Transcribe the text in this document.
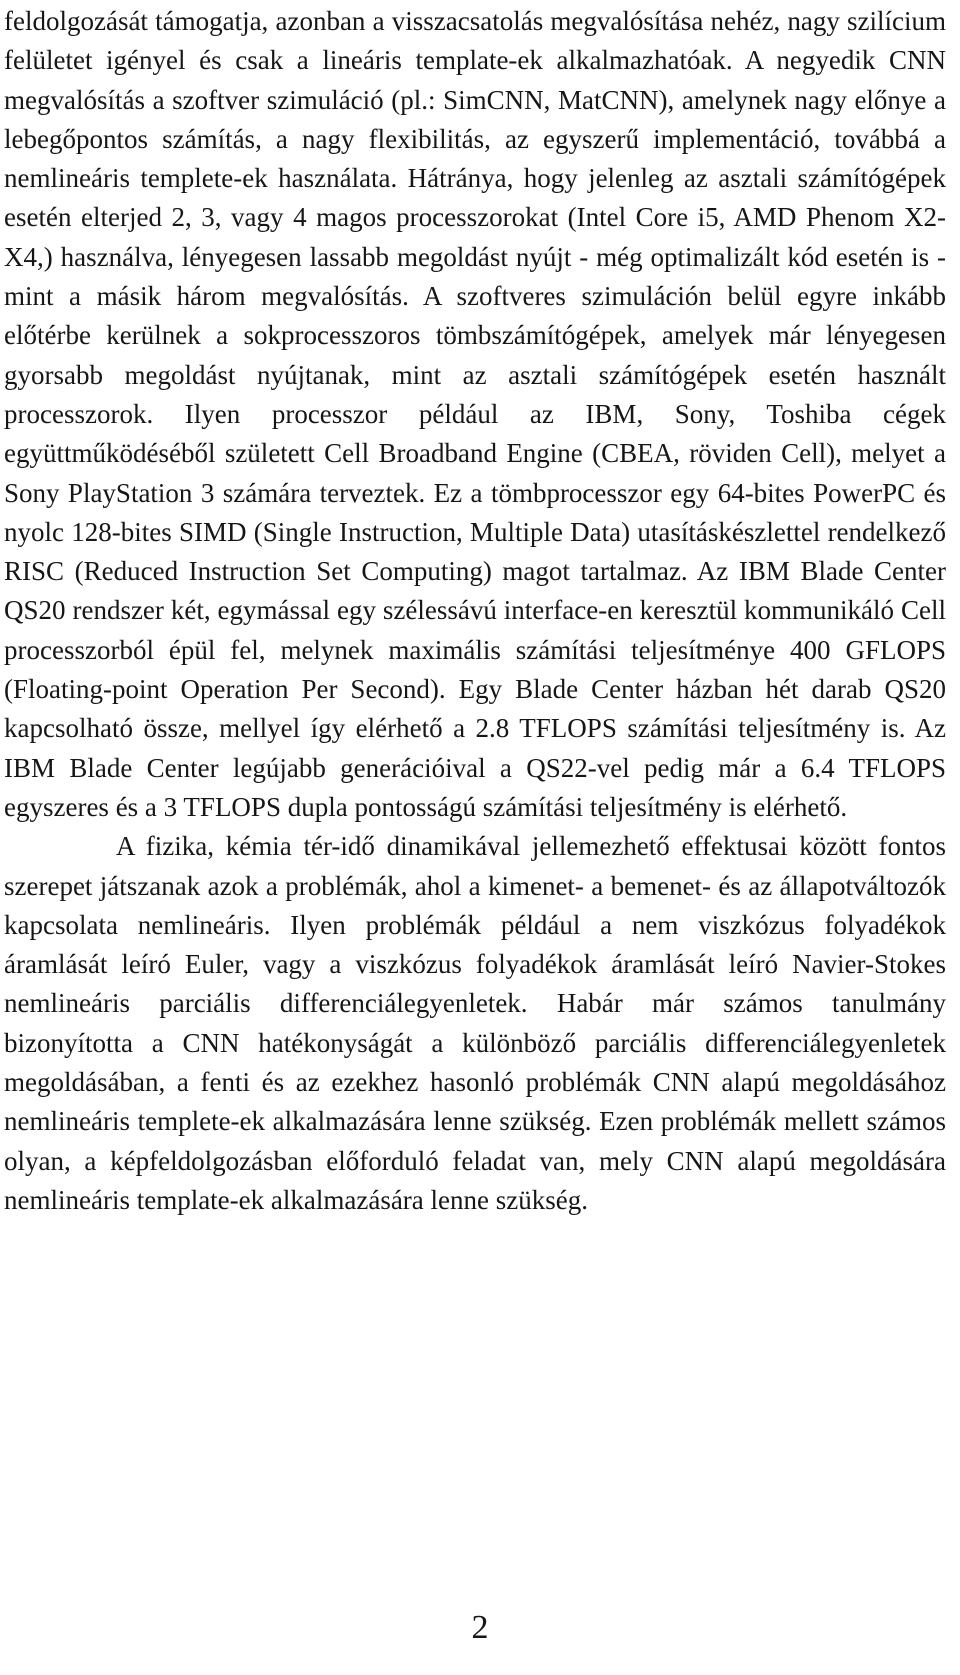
feldolgozását támogatja, azonban a visszacsatolás megvalósítása nehéz, nagy szilícium felületet igényel és csak a lineáris template-ek alkalmazhatóak. A negyedik CNN megvalósítás a szoftver szimuláció (pl.: SimCNN, MatCNN), amelynek nagy előnye a lebegőpontos számítás, a nagy flexibilitás, az egyszerű implementáció, továbbá a nemlineáris templete-ek használata. Hátránya, hogy jelenleg az asztali számítógépek esetén elterjed 2, 3, vagy 4 magos processzorokat (Intel Core i5, AMD Phenom X2-X4,) használva, lényegesen lassabb megoldást nyújt - még optimalizált kód esetén is - mint a másik három megvalósítás. A szoftveres szimuláción belül egyre inkább előtérbe kerülnek a sokprocesszoros tömbszámítógépek, amelyek már lényegesen gyorsabb megoldást nyújtanak, mint az asztali számítógépek esetén használt processzorok. Ilyen processzor például az IBM, Sony, Toshiba cégek együttműködéséből született Cell Broadband Engine (CBEA, röviden Cell), melyet a Sony PlayStation 3 számára terveztek. Ez a tömbprocesszor egy 64-bites PowerPC és nyolc 128-bites SIMD (Single Instruction, Multiple Data) utasításkészlettel rendelkező RISC (Reduced Instruction Set Computing) magot tartalmaz. Az IBM Blade Center QS20 rendszer két, egymással egy szélessávú interface-en keresztül kommunikáló Cell processzorból épül fel, melynek maximális számítási teljesítménye 400 GFLOPS (Floating-point Operation Per Second). Egy Blade Center házban hét darab QS20 kapcsolható össze, mellyel így elérhető a 2.8 TFLOPS számítási teljesítmény is. Az IBM Blade Center legújabb generációival a QS22-vel pedig már a 6.4 TFLOPS egyszeres és a 3 TFLOPS dupla pontosságú számítási teljesítmény is elérhető.

A fizika, kémia tér-idő dinamikával jellemezhető effektusai között fontos szerepet játszanak azok a problémák, ahol a kimenet- a bemenet- és az állapotváltozók kapcsolata nemlineáris. Ilyen problémák például a nem viszkózus folyadékok áramlását leíró Euler, vagy a viszkózus folyadékok áramlását leíró Navier-Stokes nemlineáris parciális differenciálegyenletek. Habár már számos tanulmány bizonyította a CNN hatékonyságát a különböző parciális differenciálegyenletek megoldásában, a fenti és az ezekhez hasonló problémák CNN alapú megoldásához nemlineáris templete-ek alkalmazására lenne szükség. Ezen problémák mellett számos olyan, a képfeldolgozásban előforduló feladat van, mely CNN alapú megoldására nemlineáris template-ek alkalmazására lenne szükség.

2
